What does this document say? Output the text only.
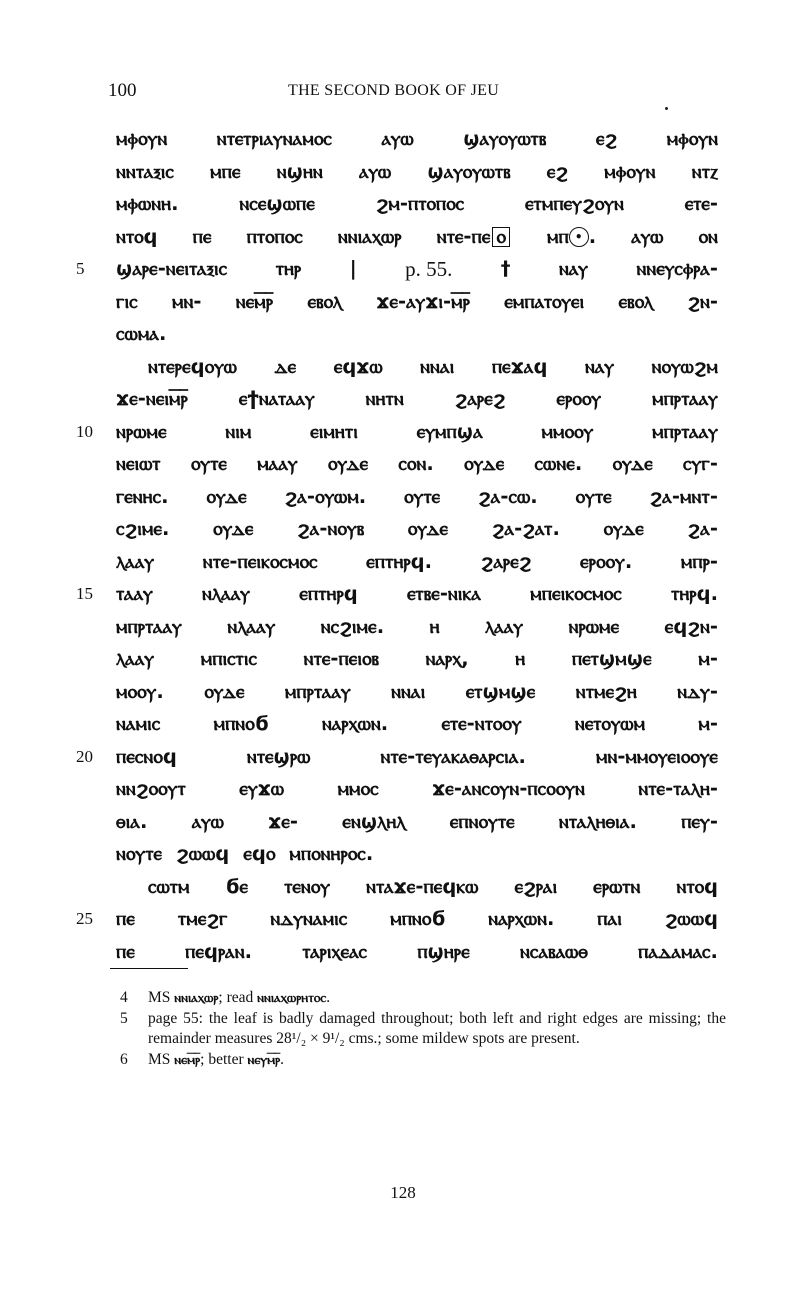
100	THE SECOND BOOK OF JEU
ⲙⲫⲟⲩⲛ	ⲛⲧⲉⲧⲣⲓⲁⲩⲛⲁⲙⲟⲥ	ⲁⲩⲱ	ϣⲁⲩⲟⲩⲱⲧⲃ	ⲉϩ	ⲙⲫⲟⲩⲛ
ⲛⲛⲧⲁⲝⲓⲥ ⲙⲡⲉ ⲛϣⲏⲛ ⲁⲩⲱ ϣⲁⲩⲟⲩⲱⲧⲃ ⲉϩ ⲙⲫⲟⲩⲛ ⲛⲧⲍ
ⲙⲫⲱⲛⲏ.	ⲛⲥⲉϣⲱⲡⲉ	ϩⲙ-ⲡⲧⲟⲡⲟⲥ	ⲉⲧⲙⲡⲉⲩϩⲟⲩⲛ	ⲉⲧⲉ-
ⲛⲧⲟϥ ⲡⲉ ⲡⲧⲟⲡⲟⲥ ⲛⲛⲓⲁⲭⲱⲣ ⲛⲧⲉ-ⲡⲉ ⲟ	ⲙⲡ • . ⲁⲩⲱ ⲟⲛ
5	ϣⲁⲣⲉ-ⲛⲉⲓⲧⲁⲝⲓⲥ ⲧⲏⲣ | p. 55. † ⲛⲁⲩ ⲛⲛⲉⲩⲥⲫⲣⲁ-
ⲅⲓⲥ ⲙⲛ- ⲛⲉⲙ̅ⲣ̅ ⲉⲃⲟⲗ ϫⲉ-ⲁⲩϫⲓ-ⲙ̅ⲣ̅ ⲉⲙⲡⲁⲧⲟⲩⲉⲓ ⲉⲃⲟⲗ ϩⲛ-
ⲥⲱⲙⲁ.
ⲛⲧⲉⲣⲉϥⲟⲩⲱ ⲇⲉ ⲉϥϫⲱ ⲛⲛⲁⲓ ⲡⲉϫⲁϥ ⲛⲁⲩ ⲛⲟⲩⲱϩⲙ
ϫⲉ-ⲛⲉⲓⲙ̅ⲣ̅	ⲉϯⲛⲁⲧⲁⲁⲩ	ⲛⲏⲧⲛ	ϩⲁⲣⲉϩ	ⲉⲣⲟⲟⲩ	ⲙⲡⲣⲧⲁⲁⲩ
10	ⲛⲣⲱⲙⲉ	ⲛⲓⲙ	ⲉⲓⲙⲏⲧⲓ	ⲉⲩⲙⲡϣⲁ	ⲙⲙⲟⲟⲩ	ⲙⲡⲣⲧⲁⲁⲩ
ⲛⲉⲓⲱⲧ ⲟⲩⲧⲉ ⲙⲁⲁⲩ ⲟⲩⲇⲉ ⲥⲟⲛ. ⲟⲩⲇⲉ ⲥⲱⲛⲉ. ⲟⲩⲇⲉ ⲥⲩⲅ-
ⲅⲉⲛⲏⲥ. ⲟⲩⲇⲉ ϩⲁ-ⲟⲩⲱⲙ. ⲟⲩⲧⲉ ϩⲁ-ⲥⲱ. ⲟⲩⲧⲉ ϩⲁ-ⲙⲛⲧ-
ⲥϩⲓⲙⲉ. ⲟⲩⲇⲉ ϩⲁ-ⲛⲟⲩⲃ ⲟⲩⲇⲉ ϩⲁ-ϩⲁⲧ. ⲟⲩⲇⲉ ϩⲁ-
ⲗⲁⲁⲩ ⲛⲧⲉ-ⲡⲉⲓⲕⲟⲥⲙⲟⲥ ⲉⲡⲧⲏⲣϥ. ϩⲁⲣⲉϩ ⲉⲣⲟⲟⲩ. ⲙⲡⲣ-
15	ⲧⲁⲁⲩ	ⲛⲗⲁⲁⲩ	ⲉⲡⲧⲏⲣϥ	ⲉⲧⲃⲉ-ⲛⲓⲕⲁ	ⲙⲡⲉⲓⲕⲟⲥⲙⲟⲥ	ⲧⲏⲣϥ.
ⲙⲡⲣⲧⲁⲁⲩ ⲛⲗⲁⲁⲩ ⲛⲥϩⲓⲙⲉ. ⲏ ⲗⲁⲁⲩ ⲛⲣⲱⲙⲉ ⲉϥϩⲛ-
ⲗⲁⲁⲩ ⲙⲡⲓⲥⲧⲓⲥ ⲛⲧⲉ-ⲡⲉⲓⲟⲃ ⲛⲁⲣⲭ, ⲏ ⲡⲉⲧϣⲙϣⲉ ⲙ-
ⲙⲟⲟⲩ. ⲟⲩⲇⲉ ⲙⲡⲣⲧⲁⲁⲩ ⲛⲛⲁⲓ ⲉⲧϣⲙϣⲉ ⲛⲧⲙⲉϩⲏ ⲛⲇⲩ-
ⲛⲁⲙⲓⲥ	ⲙⲡⲛⲟϭ	ⲛⲁⲣⲭⲱⲛ.	ⲉⲧⲉ-ⲛⲧⲟⲟⲩ	ⲛⲉⲧⲟⲩⲱⲙ	ⲙ-
20	ⲡⲉⲥⲛⲟϥ	ⲛⲧⲉϣⲣⲱ	ⲛⲧⲉ-ⲧⲉⲩⲁⲕⲁⲑⲁⲣⲥⲓⲁ.	ⲙⲛ-ⲙⲙⲟⲩⲉⲓⲟⲟⲩⲉ
ⲛⲛϩⲟⲟⲩⲧ	ⲉⲩϫⲱ	ⲙⲙⲟⲥ	ϫⲉ-ⲁⲛⲥⲟⲩⲛ-ⲡⲥⲟⲟⲩⲛ	ⲛⲧⲉ-ⲧⲁⲗⲏ-
ⲑⲓⲁ. ⲁⲩⲱ ϫⲉ- ⲉⲛϣⲗⲏⲗ ⲉⲡⲛⲟⲩⲧⲉ ⲛⲧⲁⲗⲏⲑⲓⲁ. ⲡⲉⲩ-
ⲛⲟⲩⲧⲉ ϩⲱⲱϥ ⲉϥⲟ ⲙⲡⲟⲛⲏⲣⲟⲥ.
ⲥⲱⲧⲙ ϭⲉ ⲧⲉⲛⲟⲩ ⲛⲧⲁϫⲉ-ⲡⲉϥⲕⲱ ⲉϩⲣⲁⲓ ⲉⲣⲱⲧⲛ ⲛⲧⲟϥ
25	ⲡⲉ ⲧⲙⲉϩⲅ ⲛⲇⲩⲛⲁⲙⲓⲥ ⲙⲡⲛⲟϭ ⲛⲁⲣⲭⲱⲛ. ⲡⲁⲓ ϩⲱⲱϥ
ⲡⲉ	ⲡⲉϥⲣⲁⲛ.	ⲧⲁⲣⲓⲭⲉⲁⲥ	ⲡϣⲏⲣⲉ	ⲛⲥⲁⲃⲁⲱⲑ	ⲡⲁⲇⲁⲙⲁⲥ.
4 MS ⲛⲛⲓⲁⲭⲱⲣ; read ⲛⲛⲓⲁⲭⲱⲣⲏⲧⲟⲥ.
5 page 55: the leaf is badly damaged throughout; both left and right edges are missing; the remainder measures 28¹/₂ × 9¹/₂ cms.; some mildew spots are present.
6 MS ⲛⲉⲙ̅ⲣ̅; better ⲛⲉⲩⲙ̅ⲣ̅.
128
